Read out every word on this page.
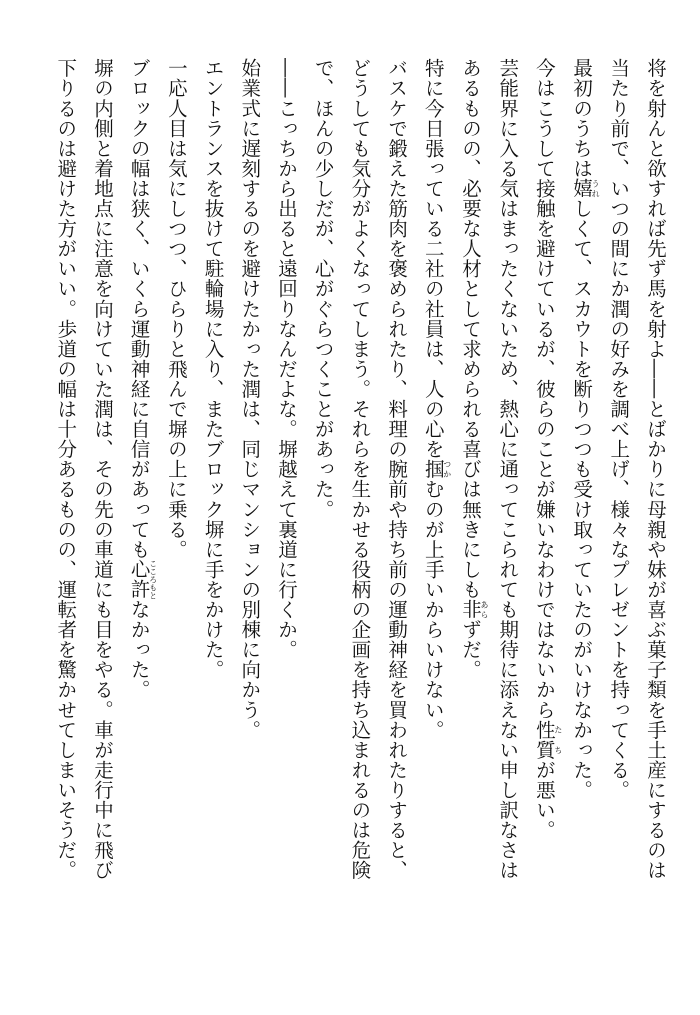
将を射んと欲すれば先ず馬を射よ――とばかりに母親や妹が喜ぶ菓子類を手土産にするのは
当たり前で、いつの間にか潤の好みを調べ上げ、様々なプレゼントを持ってくる。
最初のうちは嬉うれしくて、スカウトを断りつつも受け取っていたのがいけなかった。
今はこうして接触を避けているが、彼らのことが嫌いなわけではないから性質たちが悪い。
芸能界に入る気はまったくないため、熱心に通ってこられても期待に添えない申し訳なさは
あるものの、必要な人材として求められる喜びは無きにしも非あらずだ。
特に今日張っている二社の社員は、人の心を掴つかむのが上手いからいけない。
バスケで鍛えた筋肉を褒められたり、料理の腕前や持ち前の運動神経を買われたりすると、
どうしても気分がよくなってしまう。それらを生かせる役柄の企画を持ち込まれるのは危険
で、ほんの少しだが、心がぐらつくことがあった。
――こっちから出ると遠回りなんだよな。塀越えて裏道に行くか。
始業式に遅刻するのを避けたかった潤は、同じマンションの別棟に向かう。
エントランスを抜けて駐輪場に入り、またブロック塀に手をかけた。
一応人目は気にしつつ、ひらりと飛んで塀の上に乗る。
ブロックの幅は狭く、いくら運動神経に自信があっても心許こころもとなかった。
塀の内側と着地点に注意を向けていた潤は、その先の車道にも目をやる。車が走行中に飛び
下りるのは避けた方がいい。歩道の幅は十分あるものの、運転者を驚かせてしまいそうだ。
